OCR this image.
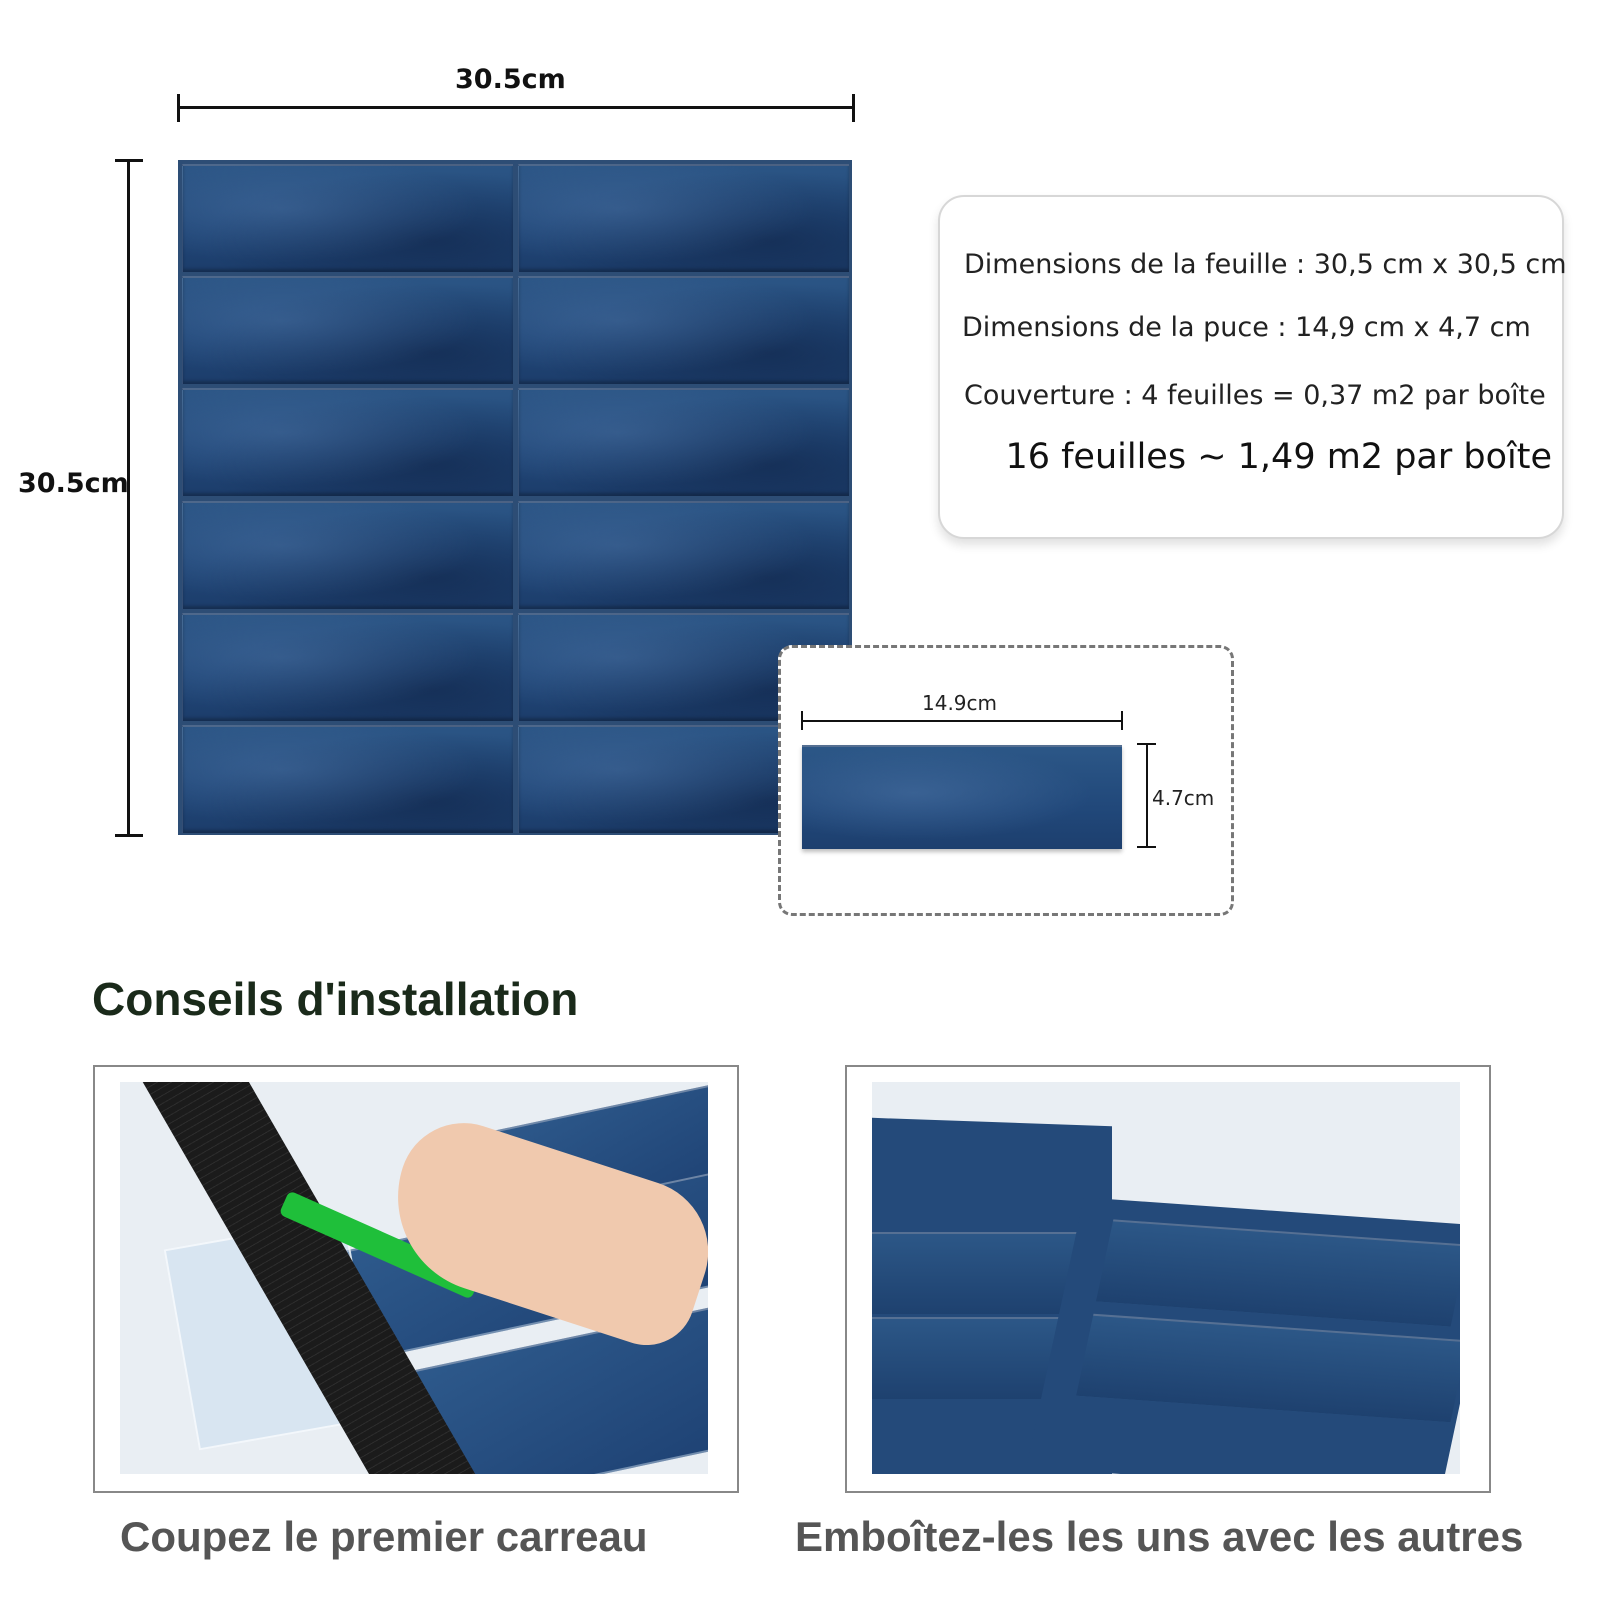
30.5cm
30.5cm
Dimensions de la feuille : 30,5 cm x 30,5 cm
Dimensions de la puce : 14,9 cm x 4,7 cm
Couverture : 4 feuilles = 0,37 m2 par boîte
16 feuilles ~ 1,49 m2 par boîte
14.9cm
4.7cm
Conseils d'installation
Coupez le premier carreau	Emboîtez-les les uns avec les autres
